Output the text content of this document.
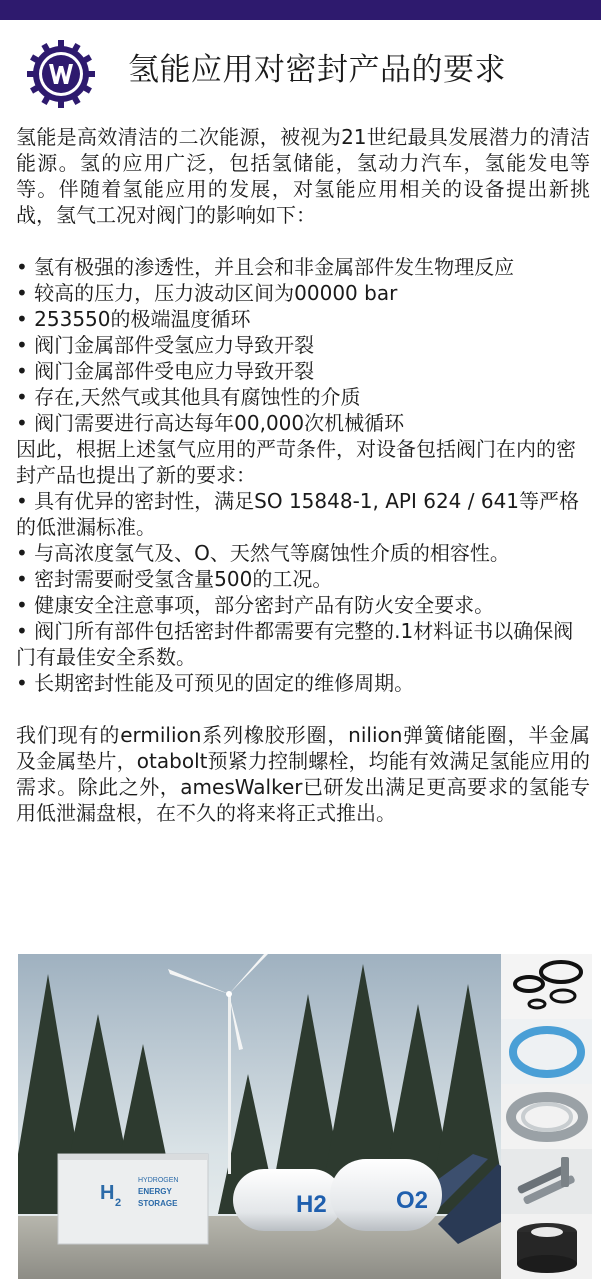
氢能应用对密封产品的要求

氢能是高效清洁的二次能源，被视为21世纪最具发展潜力的清洁能源。氢的应用广泛，包括氢储能，氢动力汽车，氢能发电等等。伴随着氢能应用的发展，对氢能应用相关的设备提出新挑战，氢气工况对阀门的影响如下：

• 氢有极强的渗透性，并且会和非金属部件发生物理反应
• 较高的压力，压力波动区间为00000 bar
• 253550的极端温度循环
• 阀门金属部件受氢应力导致开裂
• 阀门金属部件受电应力导致开裂
• 存在,天然气或其他具有腐蚀性的介质
• 阀门需要进行高达每年00,000次机械循环

因此，根据上述氢气应用的严苛条件，对设备包括阀门在内的密封产品也提出了新的要求：

• 具有优异的密封性，满足SO 15848-1, API 624 / 641等严格的低泄漏标准。
• 与高浓度氢气及、O、天然气等腐蚀性介质的相容性。
• 密封需要耐受氢含量500的工况。
• 健康安全注意事项，部分密封产品有防火安全要求。
• 阀门所有部件包括密封件都需要有完整的.1材料证书以确保阀门有最佳安全系数。
• 长期密封性能及可预见的固定的维修周期。

我们现有的ermilion系列橡胶形圈，nilion弹簧储能圈，半金属及金属垫片，otabolt预紧力控制螺栓，均能有效满足氢能应用的需求。除此之外，amesWalker已研发出满足更高要求的氢能专用低泄漏盘根，在不久的将来将正式推出。

HYDROGEN
ENERGY
STORAGE
H 2	H2	O2
